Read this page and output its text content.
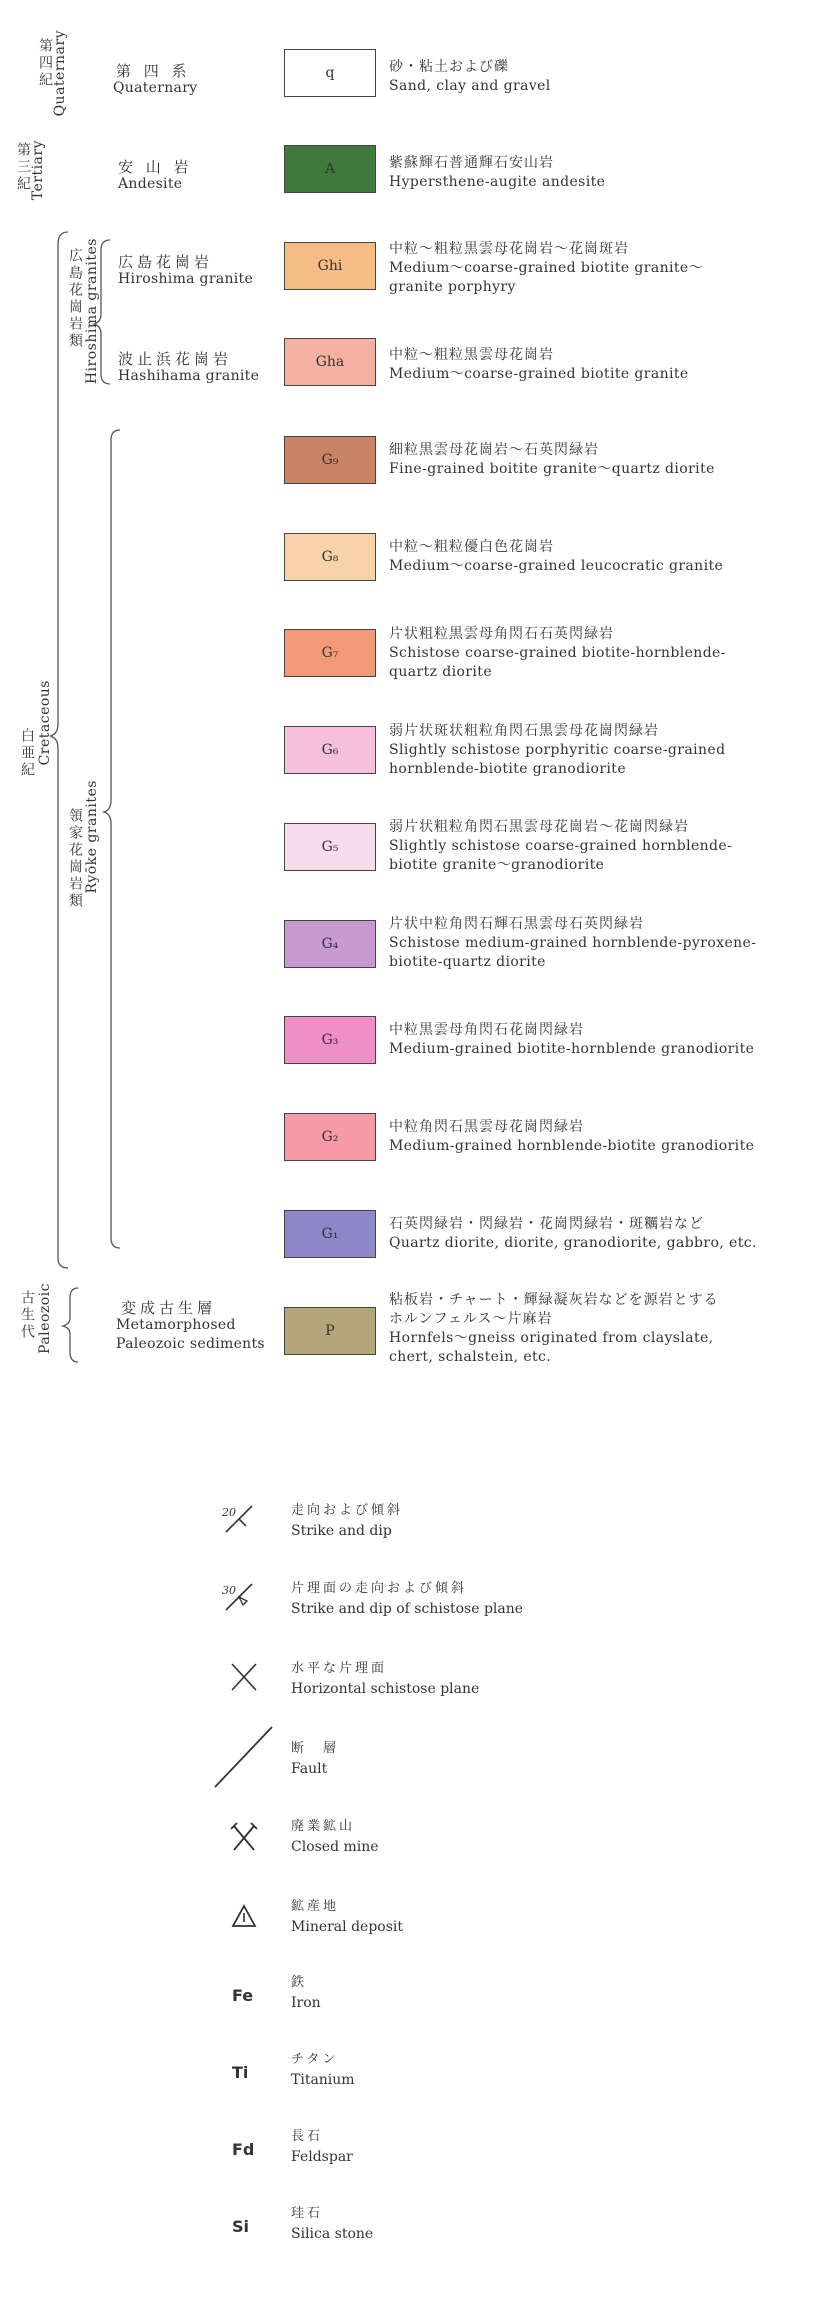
第三紀 Tertiary
第四紀 Quaternary
白亜紀 Cretaceous
古生代 Paleozoic
広島花崗岩類 Hiroshima granites
領家花崗岩類 Ryōke granites
第 四 系
Quaternary
安 山 岩
Andesite
広島花崗岩
Hiroshima granite
波止浜花崗岩
Hashihama granite
変成古生層
Metamorphosed
Paleozoic sediments
q
A
Ghi
Gha
G₉
G₈
G₇
G₆
G₅
G₄
G₃
G₂
G₁
P
砂・粘土および礫
Sand, clay and gravel
紫蘇輝石普通輝石安山岩
Hypersthene-augite andesite
中粒～粗粒黒雲母花崗岩～花崗斑岩
Medium～coarse-grained biotite granite～
granite porphyry
中粒～粗粒黒雲母花崗岩
Medium～coarse-grained biotite granite
細粒黒雲母花崗岩～石英閃緑岩
Fine-grained boitite granite～quartz diorite
中粒～粗粒優白色花崗岩
Medium～coarse-grained leucocratic granite
片状粗粒黒雲母角閃石石英閃緑岩
Schistose coarse-grained biotite-hornblende-
quartz diorite
弱片状斑状粗粒角閃石黒雲母花崗閃緑岩
Slightly schistose porphyritic coarse-grained
hornblende-biotite granodiorite
弱片状粗粒角閃石黒雲母花崗岩～花崗閃緑岩
Slightly schistose coarse-grained hornblende-
biotite granite～granodiorite
片状中粒角閃石輝石黒雲母石英閃緑岩
Schistose medium-grained hornblende-pyroxene-
biotite-quartz diorite
中粒黒雲母角閃石花崗閃緑岩
Medium-grained biotite-hornblende granodiorite
中粒角閃石黒雲母花崗閃緑岩
Medium-grained hornblende-biotite granodiorite
石英閃緑岩・閃緑岩・花崗閃緑岩・斑糲岩など
Quartz diorite, diorite, granodiorite, gabbro, etc.
粘板岩・チャート・輝緑凝灰岩などを源岩とする
ホルンフェルス～片麻岩
Hornfels～gneiss originated from clayslate,
chert, schalstein, etc.
20	走向および傾斜
Strike and dip
30	片理面の走向および傾斜
Strike and dip of schistose plane
水平な片理面
Horizontal schistose plane
断　層
Fault
廃業鉱山
Closed mine
鉱産地
Mineral deposit
Fe
鉄
Iron
Ti
チタン
Titanium
Fd
長石
Feldspar
Si
珪石
Silica stone
